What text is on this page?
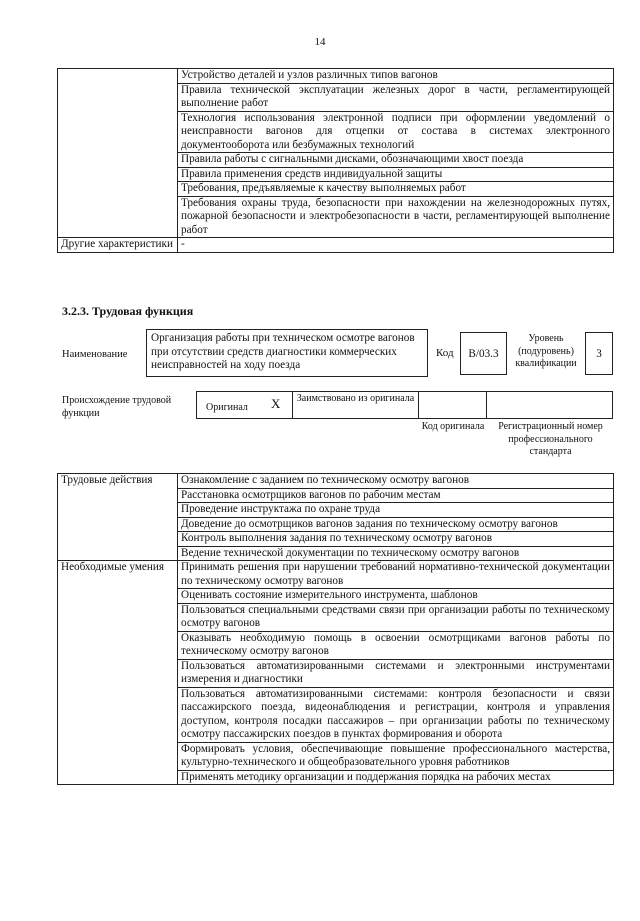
14
	Устройство деталей и узлов различных типов вагонов
	Правила технической эксплуатации железных дорог в части, регламентирующей выполнение работ
	Технология использования электронной подписи при оформлении уведомлений о неисправности вагонов для отцепки от состава в системах электронного документооборота или безбумажных технологий
	Правила работы с сигнальными дисками, обозначающими хвост поезда
	Правила применения средств индивидуальной защиты
	Требования, предъявляемые к качеству выполняемых работ
	Требования охраны труда, безопасности при нахождении на железнодорожных путях, пожарной безопасности и электробезопасности в части, регламентирующей выполнение работ
Другие характеристики	-
3.2.3. Трудовая функция
Наименование
Организация работы при техническом осмотре вагонов при отсутствии средств диагностики коммерческих неисправностей на ходу поезда
Код	B/03.3
Уровень (подуровень) квалификации
3
Происхождение трудовой функции	Оригинал X Заимствовано из оригинала
Код оригинала	Регистрационный номер профессионального стандарта
Трудовые действия	Ознакомление с заданием по техническому осмотру вагонов
	Расстановка осмотрщиков вагонов по рабочим местам
	Проведение инструктажа по охране труда
	Доведение до осмотрщиков вагонов задания по техническому осмотру вагонов
	Контроль выполнения задания по техническому осмотру вагонов
	Ведение технической документации по техническому осмотру вагонов
Необходимые умения	Принимать решения при нарушении требований нормативно-технической документации по техническому осмотру вагонов
	Оценивать состояние измерительного инструмента, шаблонов
	Пользоваться специальными средствами связи при организации работы по техническому осмотру вагонов
	Оказывать необходимую помощь в освоении осмотрщиками вагонов работы по техническому осмотру вагонов
	Пользоваться автоматизированными системами и электронными инструментами измерения и диагностики
	Пользоваться автоматизированными системами: контроля безопасности и связи пассажирского поезда, видеонаблюдения и регистрации, контроля и управления доступом, контроля посадки пассажиров – при организации работы по техническому осмотру пассажирских поездов в пунктах формирования и оборота
	Формировать условия, обеспечивающие повышение профессионального мастерства, культурно-технического и общеобразовательного уровня работников
	Применять методику организации и поддержания порядка на рабочих местах
